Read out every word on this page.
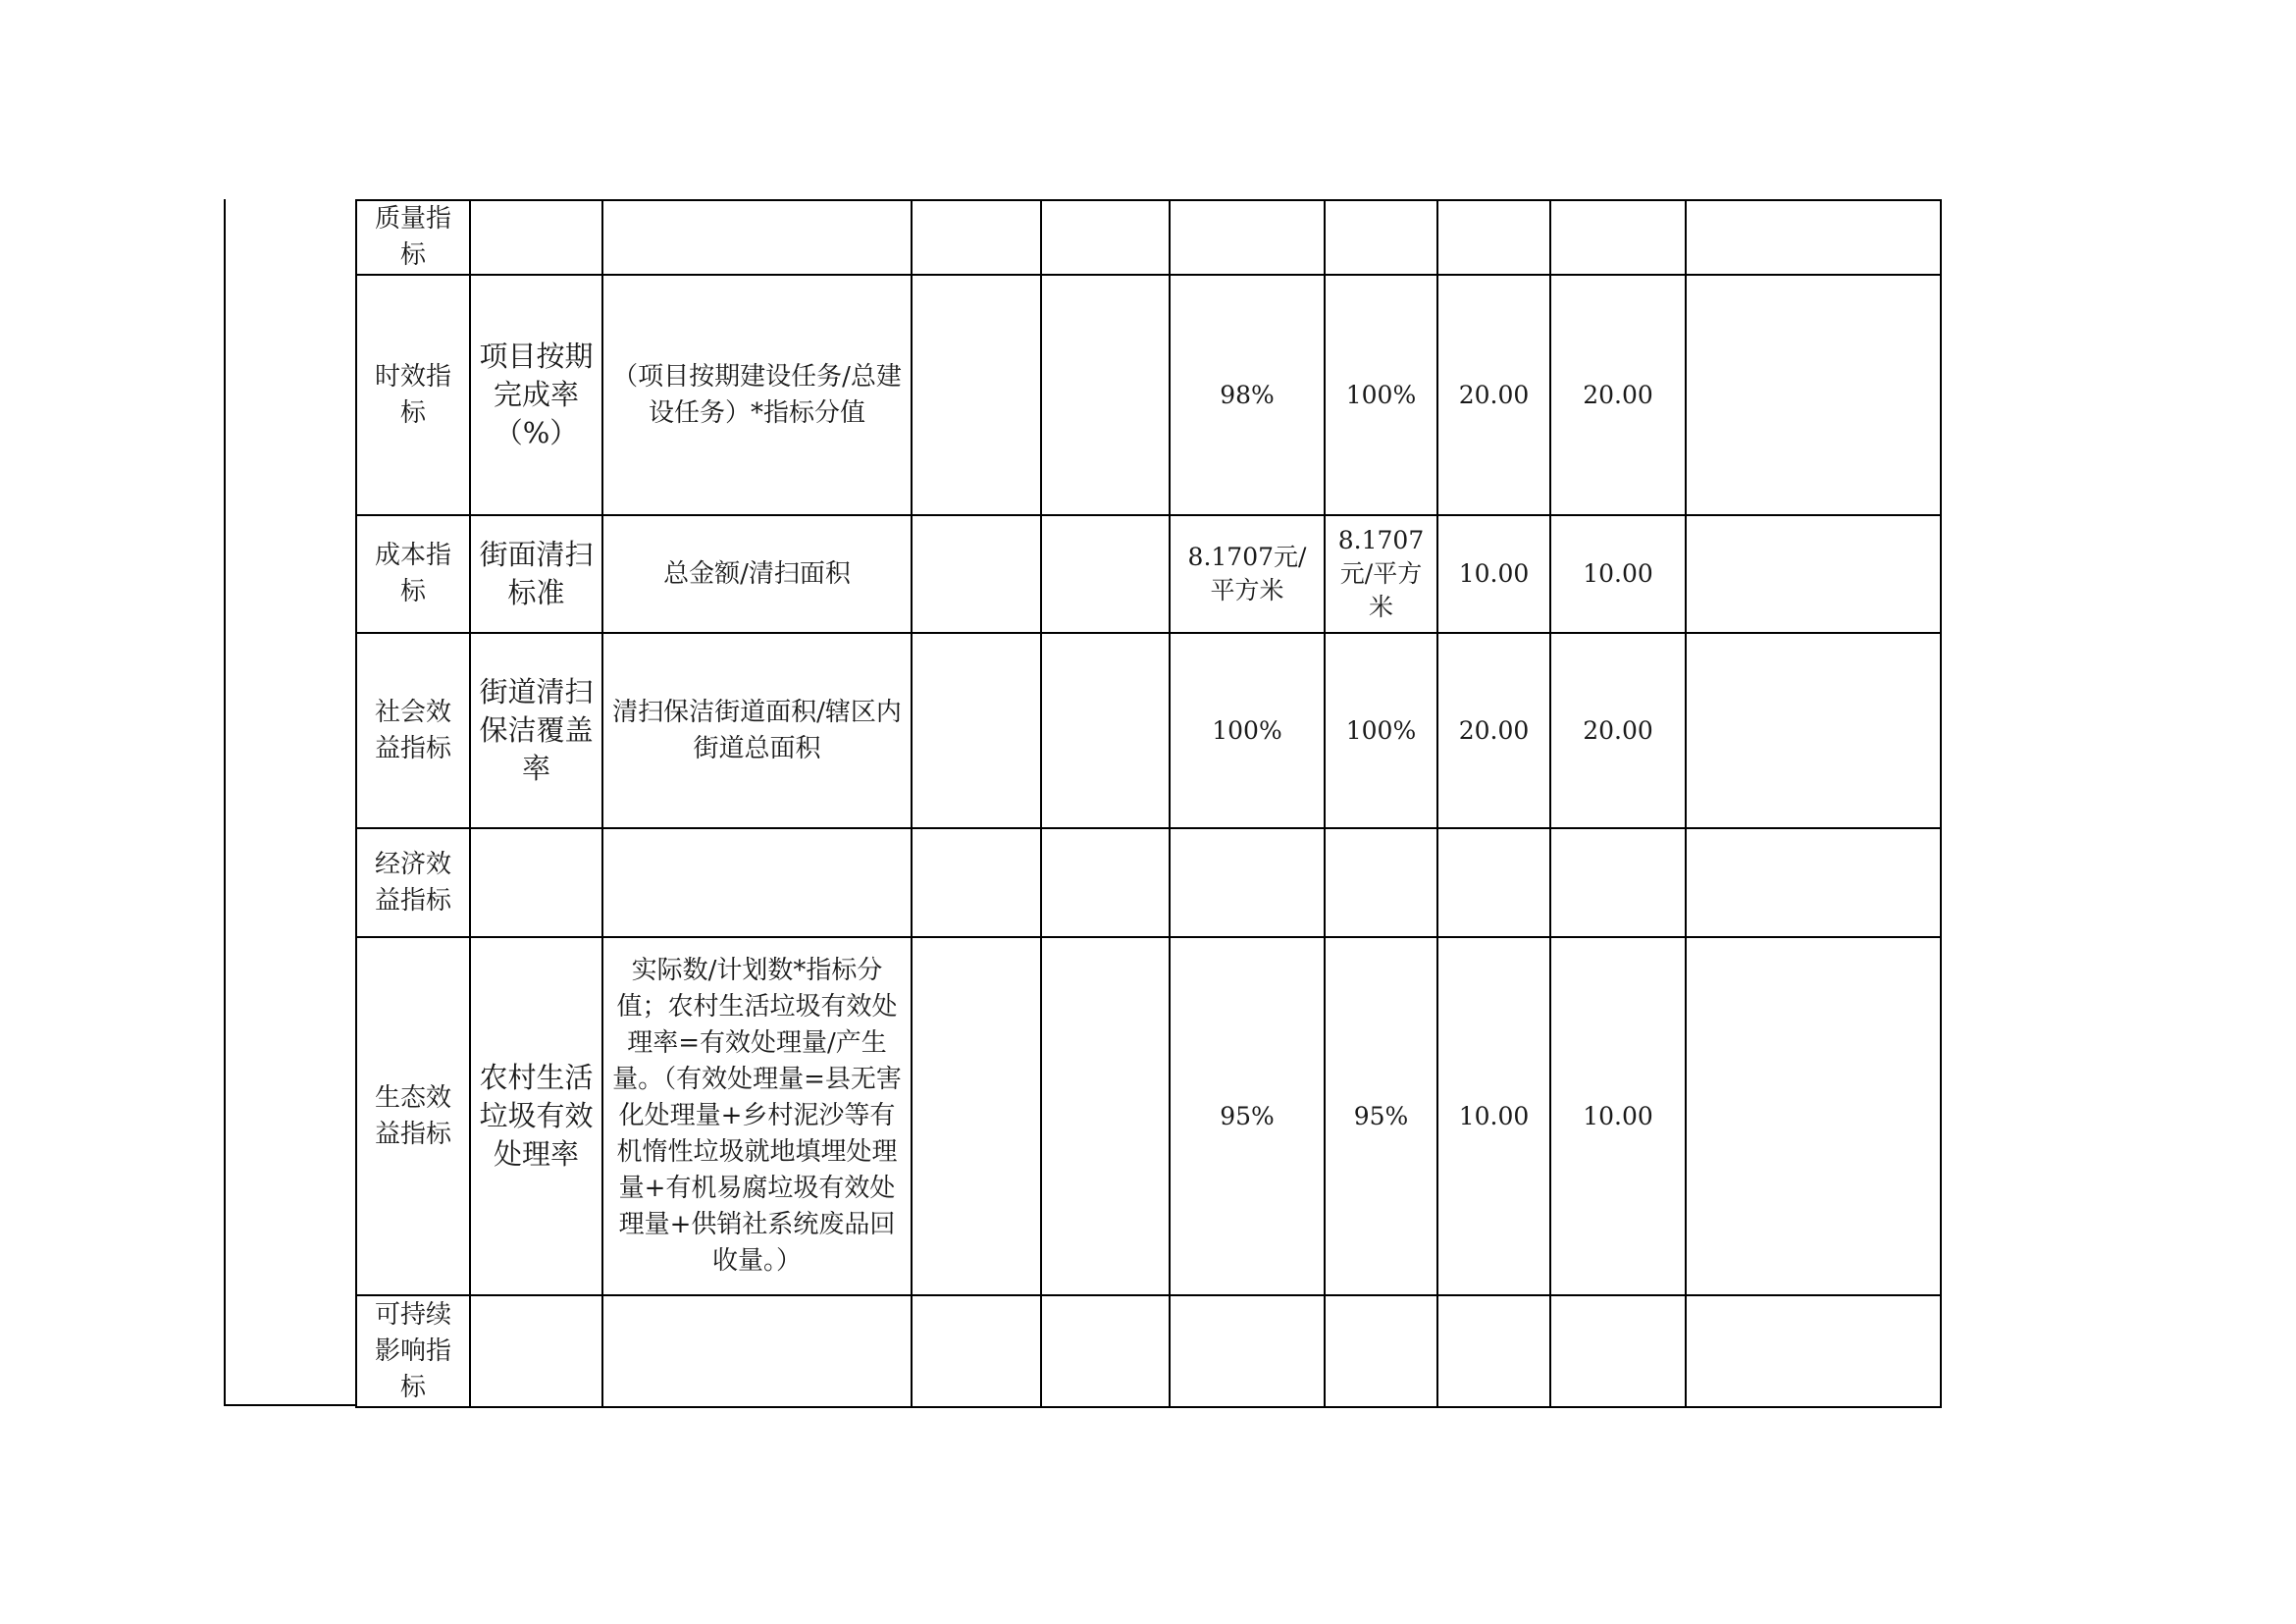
质量指标									
时效指标	项目按期完成率（%）	（项目按期建设任务/总建设任务）*指标分值			98%	100%	20.00	20.00	
成本指标	街面清扫标准	总金额/清扫面积			8.1707元/平方米	8.1707元/平方米	10.00	10.00	
社会效益指标	街道清扫保洁覆盖率	清扫保洁街道面积/辖区内街道总面积			100%	100%	20.00	20.00	
经济效益指标									
生态效益指标	农村生活垃圾有效处理率	实际数/计划数*指标分值；农村生活垃圾有效处理率=有效处理量/产生量。（有效处理量=县无害化处理量+乡村泥沙等有机惰性垃圾就地填埋处理量+有机易腐垃圾有效处理量+供销社系统废品回收量。）			95%	95%	10.00	10.00	
可持续影响指标									
